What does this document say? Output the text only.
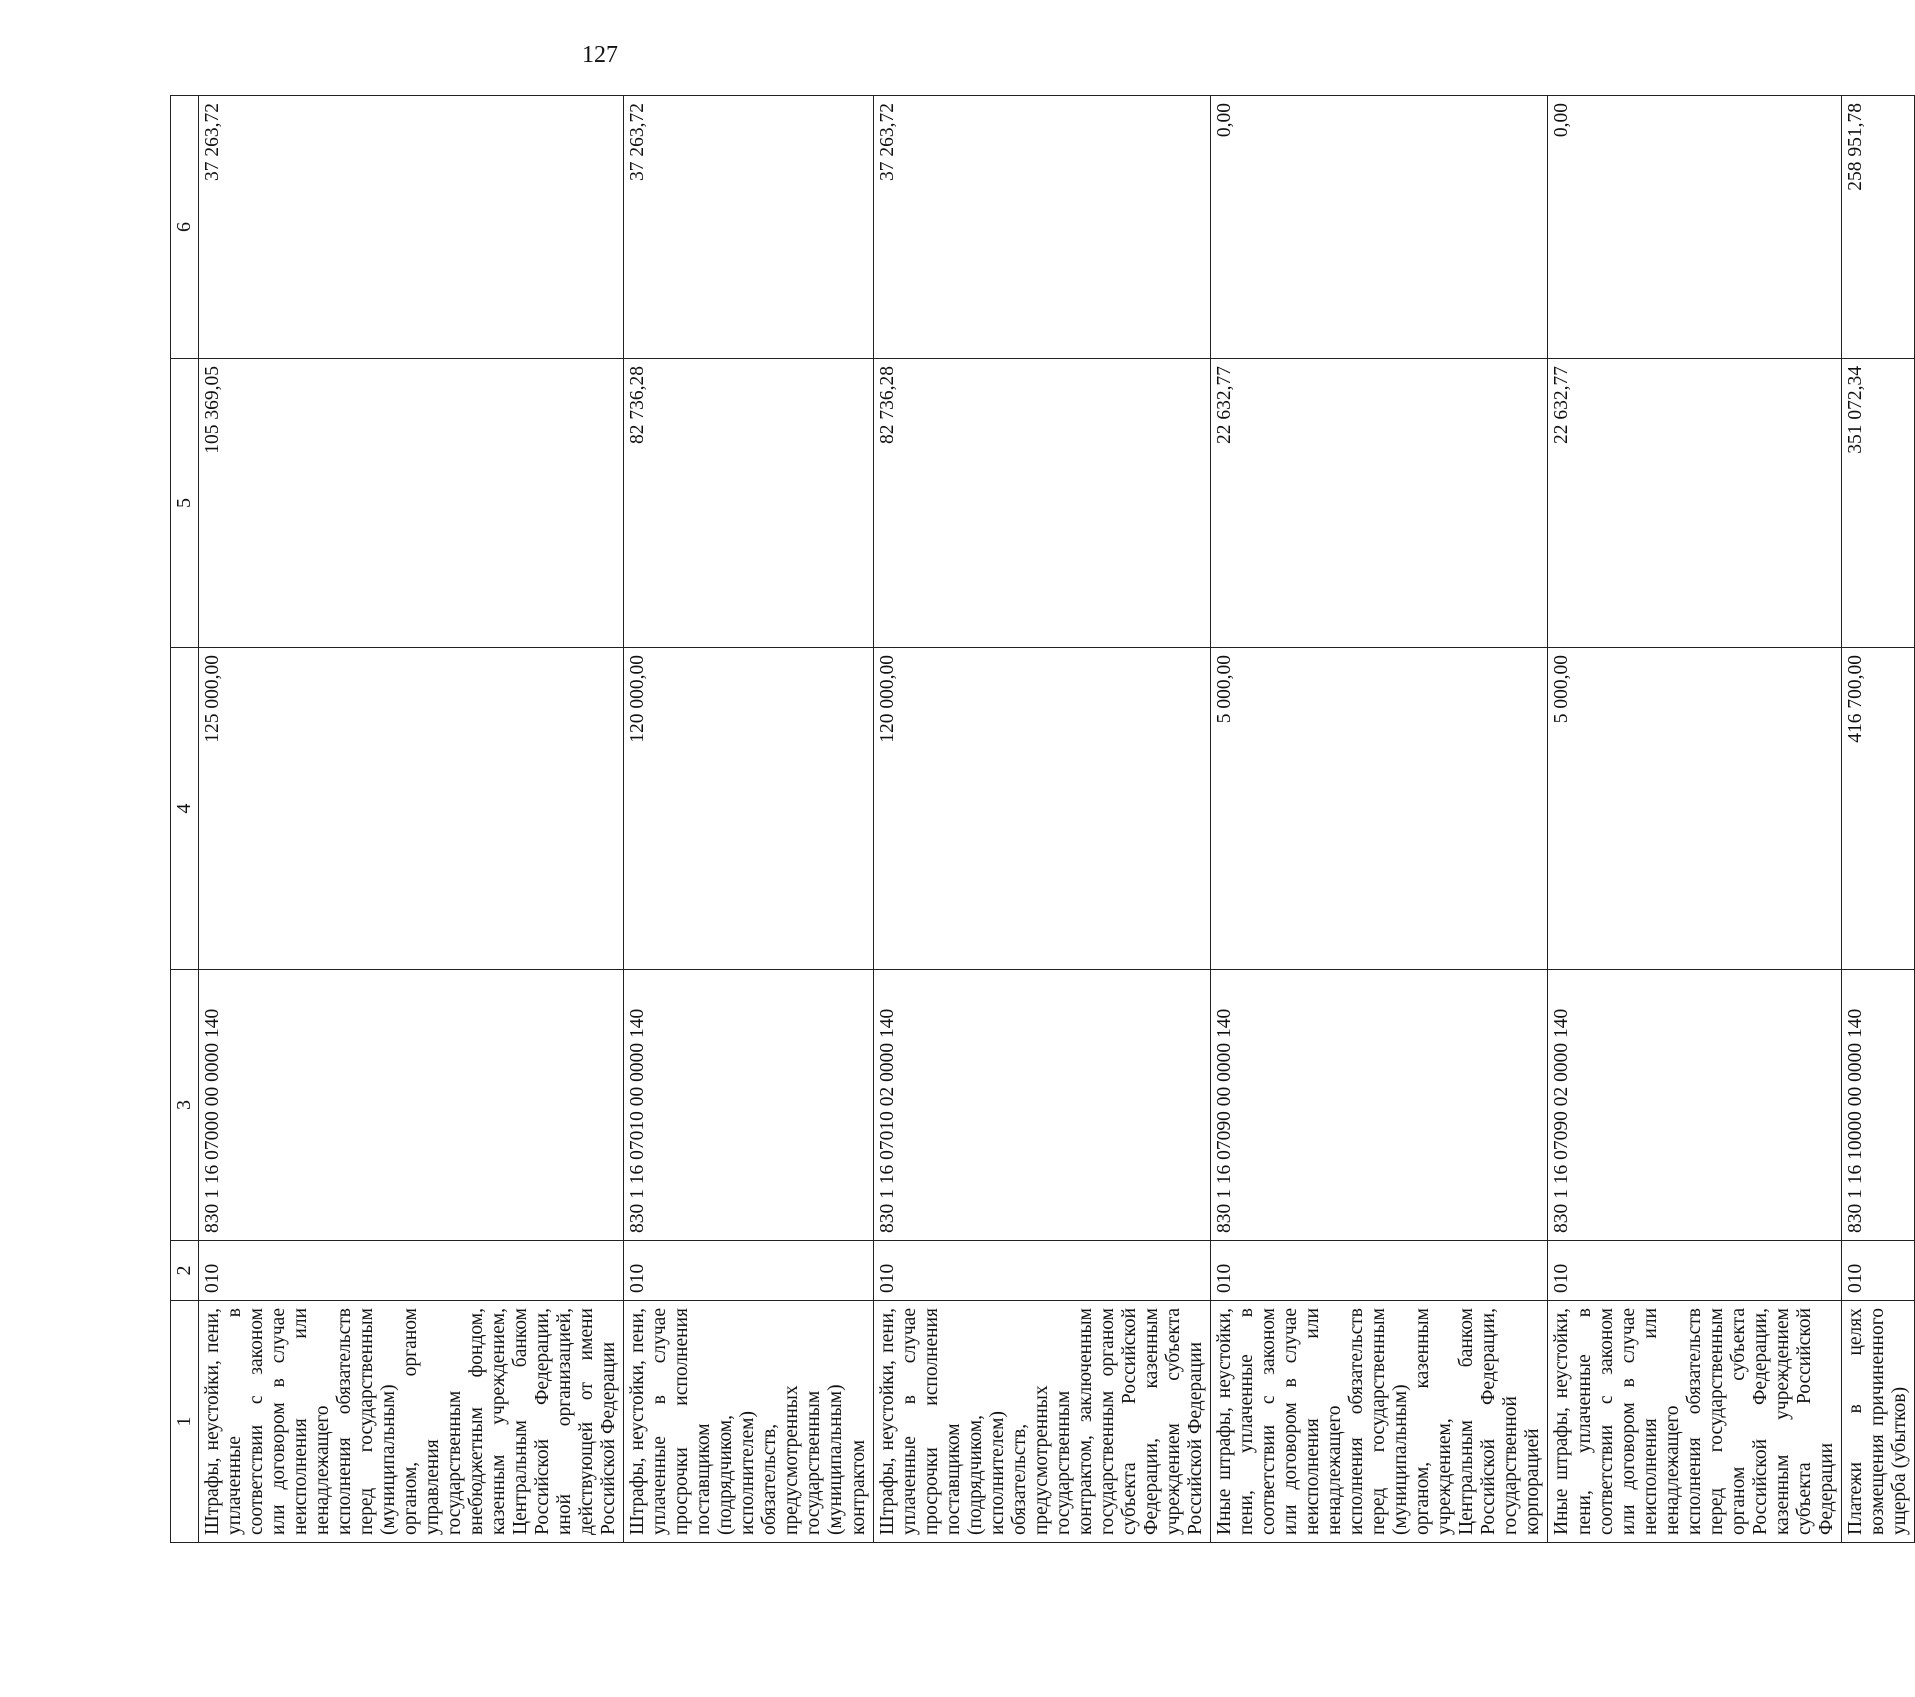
127
1	2	3	4	5	6
Штрафы, неустойки, пени, уплаченные в соответствии с законом или договором в случае неисполнения или ненадлежащего исполнения обязательств перед государственным (муниципальным) органом, органом управления государственным внебюджетным фондом, казенным учреждением, Центральным банком Российской Федерации, иной организацией, действующей от имени Российской Федерации	010	830 1 16 07000 00 0000 140	125 000,00	105 369,05	37 263,72
Штрафы, неустойки, пени, уплаченные в случае просрочки исполнения поставщиком (подрядчиком, исполнителем) обязательств, предусмотренных государственным (муниципальным) контрактом	010	830 1 16 07010 00 0000 140	120 000,00	82 736,28	37 263,72
Штрафы, неустойки, пени, уплаченные в случае просрочки исполнения поставщиком (подрядчиком, исполнителем) обязательств, предусмотренных государственным контрактом, заключенным государственным органом субъекта Российской Федерации, казенным учреждением субъекта Российской Федерации	010	830 1 16 07010 02 0000 140	120 000,00	82 736,28	37 263,72
Иные штрафы, неустойки, пени, уплаченные в соответствии с законом или договором в случае неисполнения или ненадлежащего исполнения обязательств перед государственным (муниципальным) органом, казенным учреждением, Центральным банком Российской Федерации, государственной корпорацией	010	830 1 16 07090 00 0000 140	5 000,00	22 632,77	0,00
Иные штрафы, неустойки, пени, уплаченные в соответствии с законом или договором в случае неисполнения или ненадлежащего исполнения обязательств перед государственным органом субъекта Российской Федерации, казенным учреждением субъекта Российской Федерации	010	830 1 16 07090 02 0000 140	5 000,00	22 632,77	0,00
Платежи в целях возмещения причиненного ущерба (убытков)	010	830 1 16 10000 00 0000 140	416 700,00	351 072,34	258 951,78
